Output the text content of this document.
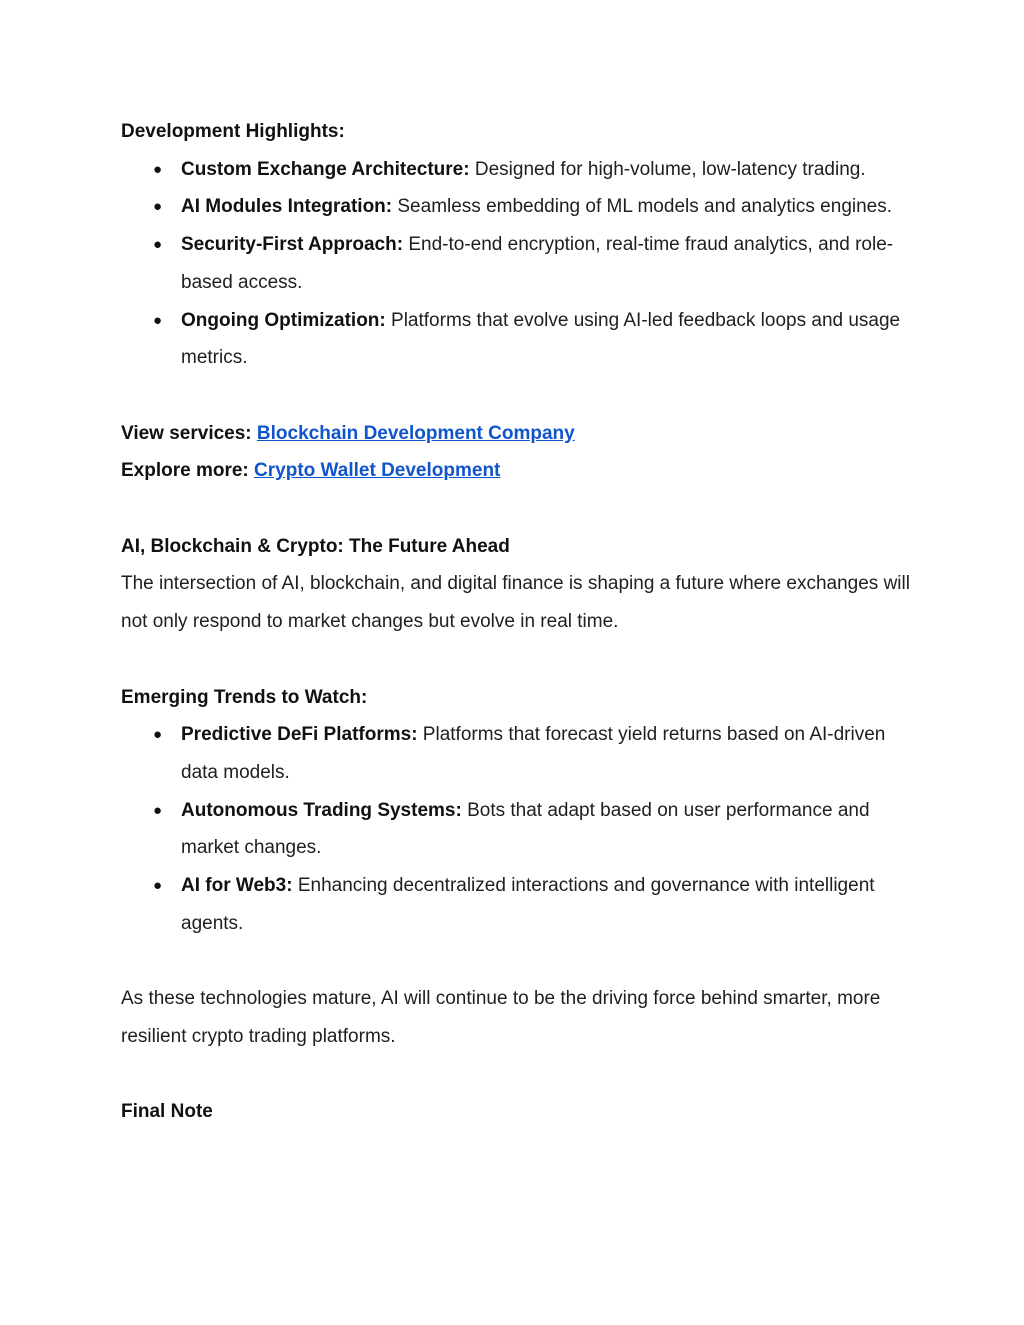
Development Highlights:

● Custom Exchange Architecture: Designed for high-volume, low-latency trading.
● AI Modules Integration: Seamless embedding of ML models and analytics engines.
● Security-First Approach: End-to-end encryption, real-time fraud analytics, and role-based access.
● Ongoing Optimization: Platforms that evolve using AI-led feedback loops and usage metrics.

View services: Blockchain Development Company

Explore more: Crypto Wallet Development

AI, Blockchain & Crypto: The Future Ahead

The intersection of AI, blockchain, and digital finance is shaping a future where exchanges will not only respond to market changes but evolve in real time.

Emerging Trends to Watch:

● Predictive DeFi Platforms: Platforms that forecast yield returns based on AI-driven data models.
● Autonomous Trading Systems: Bots that adapt based on user performance and market changes.
● AI for Web3: Enhancing decentralized interactions and governance with intelligent agents.

As these technologies mature, AI will continue to be the driving force behind smarter, more resilient crypto trading platforms.

Final Note
